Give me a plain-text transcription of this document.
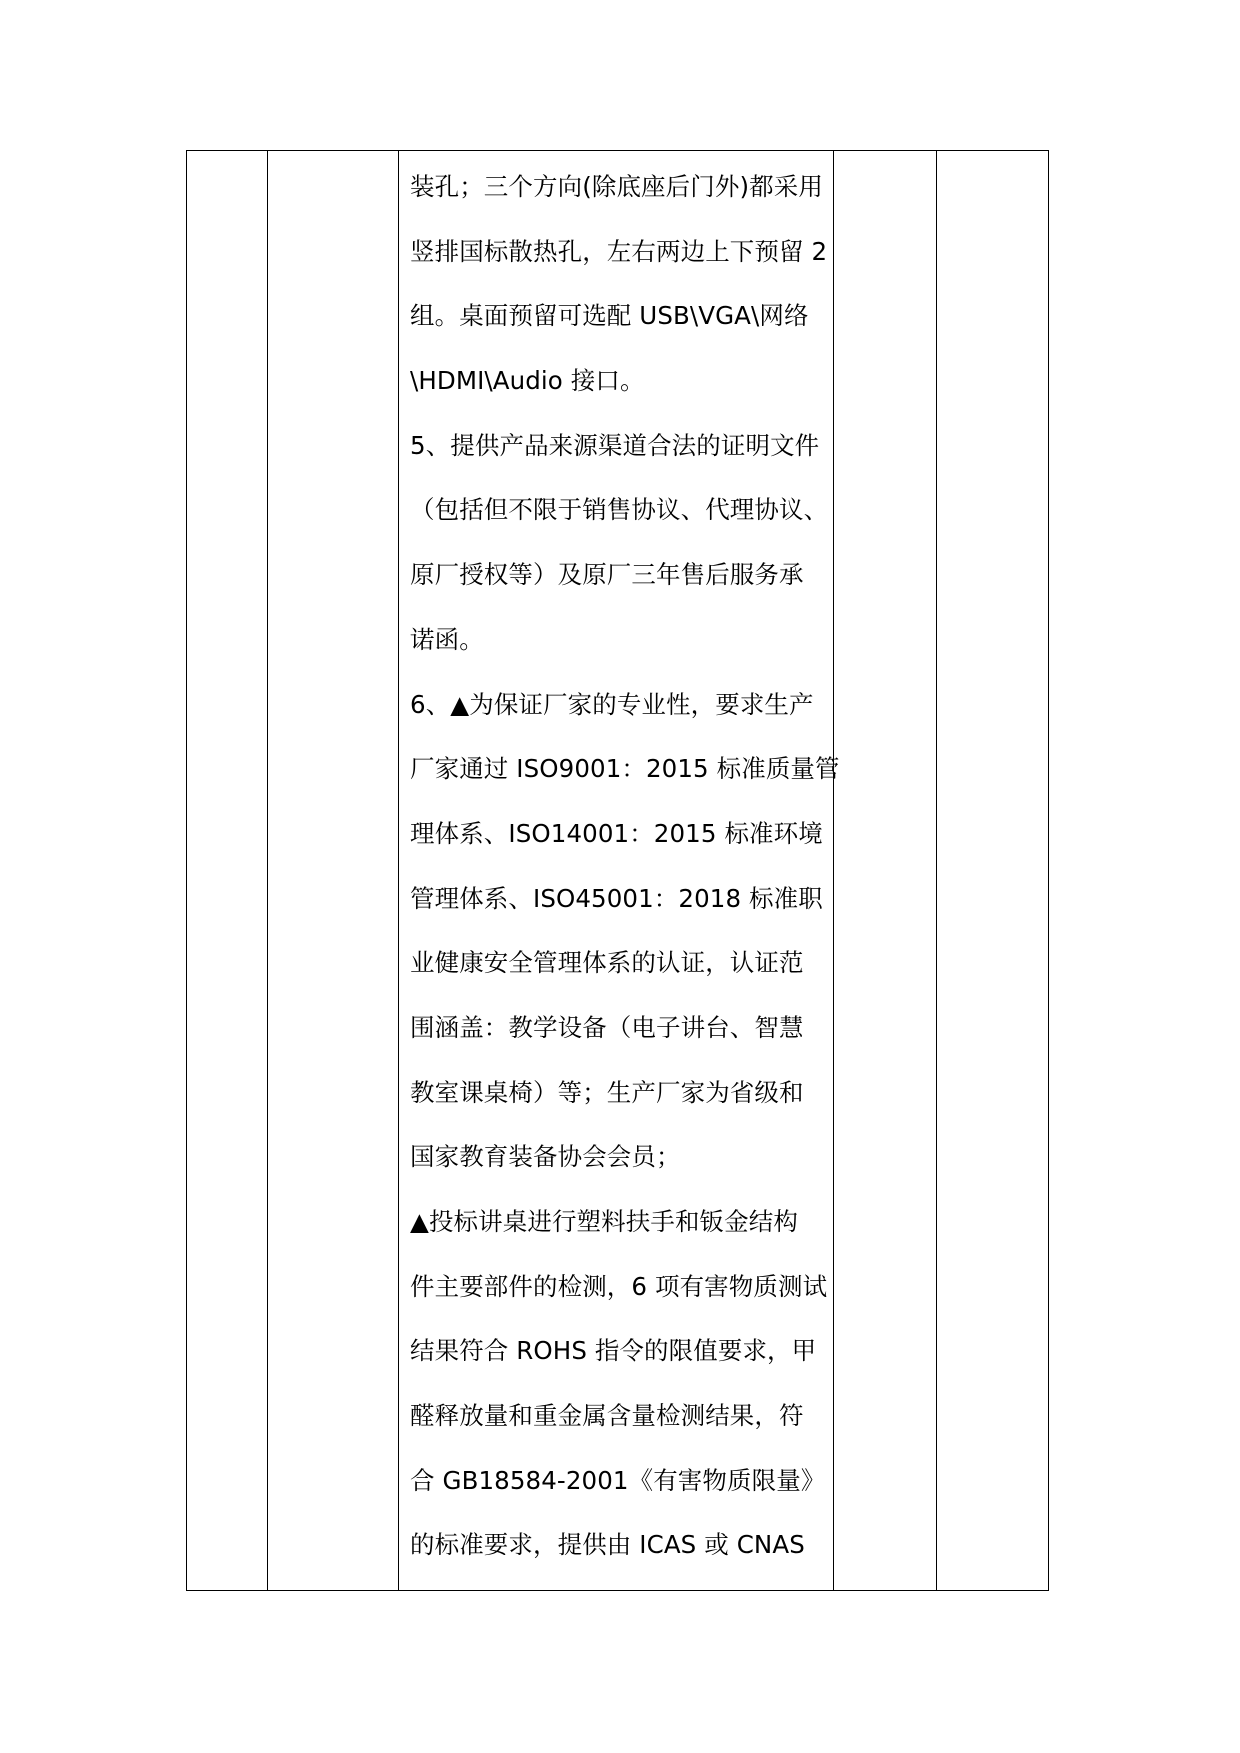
装孔；三个方向(除底座后门外)都采用
竖排国标散热孔，左右两边上下预留 2
组。桌面预留可选配 USB\VGA\网络
\HDMI\Audio 接口。
5、提供产品来源渠道合法的证明文件
（包括但不限于销售协议、代理协议、
原厂授权等）及原厂三年售后服务承
诺函。
6、▲为保证厂家的专业性，要求生产
厂家通过 ISO9001：2015 标准质量管
理体系、ISO14001：2015 标准环境
管理体系、ISO45001：2018 标准职
业健康安全管理体系的认证，认证范
围涵盖：教学设备（电子讲台、智慧
教室课桌椅）等；生产厂家为省级和
国家教育装备协会会员；
▲投标讲桌进行塑料扶手和钣金结构
件主要部件的检测，6 项有害物质测试
结果符合 ROHS 指令的限值要求，甲
醛释放量和重金属含量检测结果，符
合 GB18584-2001《有害物质限量》
的标准要求，提供由 ICAS 或 CNAS
